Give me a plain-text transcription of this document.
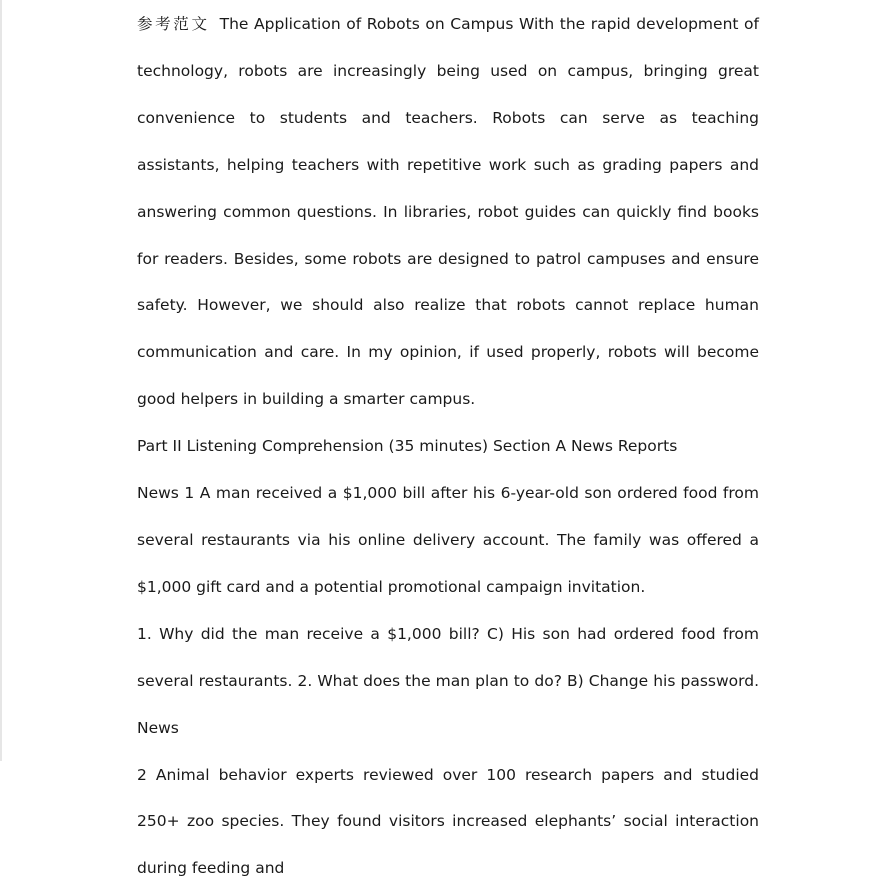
参考范文 The Application of Robots on Campus With the rapid development of technology, robots are increasingly being used on campus, bringing great convenience to students and teachers. Robots can serve as teaching assistants, helping teachers with repetitive work such as grading papers and answering common questions. In libraries, robot guides can quickly find books for readers. Besides, some robots are designed to patrol campuses and ensure safety. However, we should also realize that robots cannot replace human communication and care. In my opinion, if used properly, robots will become good helpers in building a smarter campus.

Part II Listening Comprehension (35 minutes) Section A News Reports

News 1 A man received a $1,000 bill after his 6-year-old son ordered food from several restaurants via his online delivery account. The family was offered a $1,000 gift card and a potential promotional campaign invitation.

1. Why did the man receive a $1,000 bill? C) His son had ordered food from several restaurants. 2. What does the man plan to do? B) Change his password. News

2 Animal behavior experts reviewed over 100 research papers and studied 250+ zoo species. They found visitors increased elephants’ social interaction during feeding and
